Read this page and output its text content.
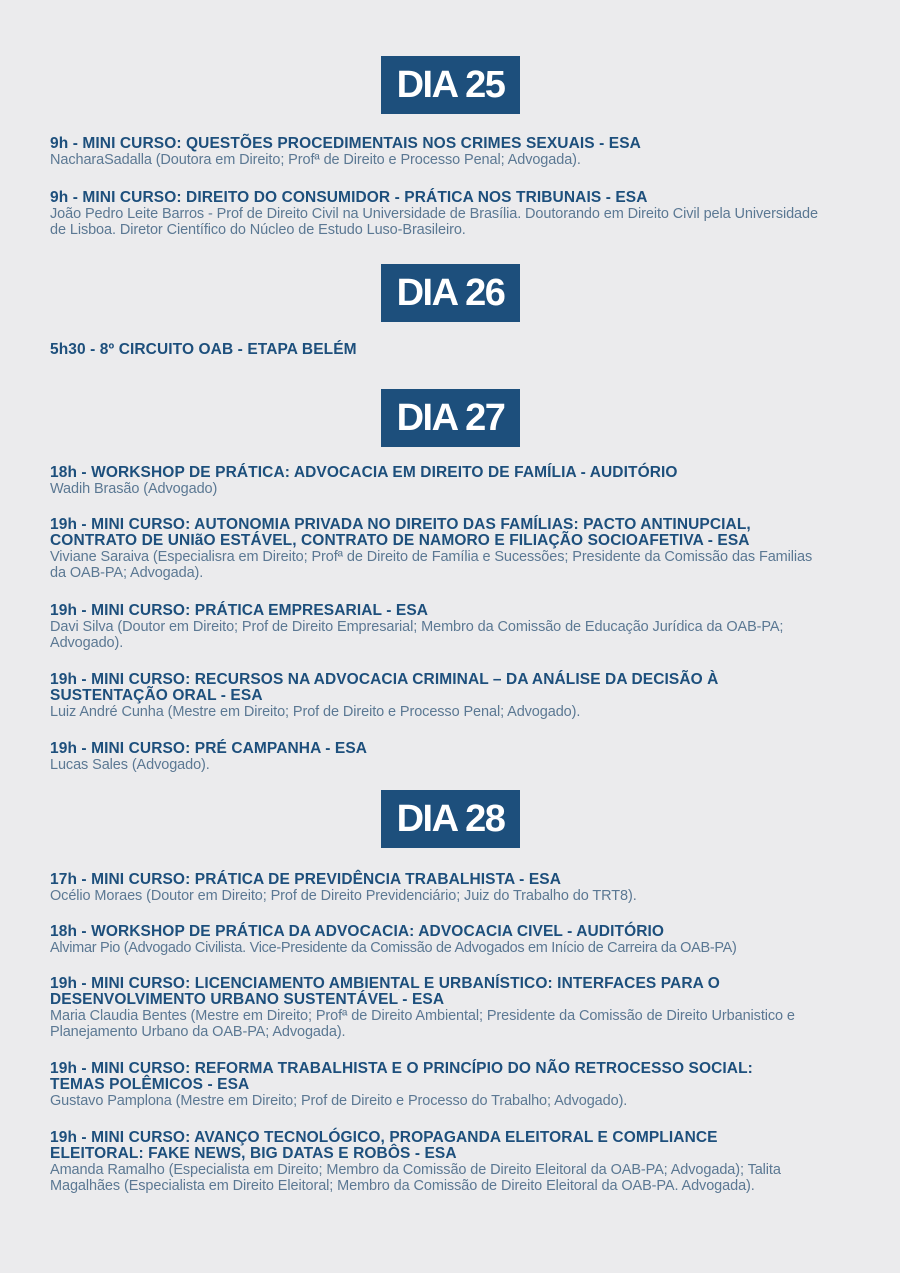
DIA 25
9h - MINI CURSO: QUESTÕES PROCEDIMENTAIS NOS CRIMES SEXUAIS - ESA
NacharaSadalla (Doutora em Direito; Profª de Direito e Processo Penal; Advogada).
9h - MINI CURSO: DIREITO DO CONSUMIDOR - PRÁTICA NOS TRIBUNAIS - ESA
João Pedro Leite Barros - Prof de Direito Civil na Universidade de Brasília. Doutorando em Direito Civil pela Universidade de Lisboa. Diretor Científico do Núcleo de Estudo Luso-Brasileiro.
DIA 26
5h30 - 8º CIRCUITO OAB - ETAPA BELÉM
DIA 27
18h - WORKSHOP DE PRÁTICA: ADVOCACIA EM DIREITO DE FAMÍLIA - AUDITÓRIO
Wadih Brasão (Advogado)
19h - MINI CURSO: AUTONOMIA PRIVADA NO DIREITO DAS FAMÍLIAS: PACTO ANTINUPCIAL, CONTRATO DE UNIãO ESTÁVEL, CONTRATO DE NAMORO E FILIAÇÃO SOCIOAFETIVA - ESA
Viviane Saraiva (Especialisra em Direito; Profª de Direito de Família e Sucessões; Presidente da Comissão das Familias da OAB-PA; Advogada).
19h - MINI CURSO: PRÁTICA EMPRESARIAL - ESA
Davi Silva (Doutor em Direito; Prof de Direito Empresarial; Membro da Comissão de Educação Jurídica da OAB-PA; Advogado).
19h - MINI CURSO: RECURSOS NA ADVOCACIA CRIMINAL – DA ANÁLISE DA DECISÃO À SUSTENTAÇÃO ORAL - ESA
Luiz André Cunha (Mestre em Direito; Prof de Direito e Processo Penal; Advogado).
19h - MINI CURSO: PRÉ CAMPANHA - ESA
Lucas Sales (Advogado).
DIA 28
17h - MINI CURSO: PRÁTICA DE PREVIDÊNCIA TRABALHISTA - ESA
Océlio Moraes (Doutor em Direito; Prof de Direito Previdenciário; Juiz do Trabalho do TRT8).
18h - WORKSHOP DE PRÁTICA DA ADVOCACIA: ADVOCACIA CIVEL - AUDITÓRIO
Alvimar Pio (Advogado Civilista. Vice-Presidente da Comissão de Advogados em Início de Carreira da OAB-PA)
19h - MINI CURSO: LICENCIAMENTO AMBIENTAL E URBANÍSTICO: INTERFACES PARA O DESENVOLVIMENTO URBANO SUSTENTÁVEL - ESA
Maria Claudia Bentes (Mestre em Direito; Profª de Direito Ambiental; Presidente da Comissão de Direito Urbanistico e Planejamento Urbano da OAB-PA; Advogada).
19h - MINI CURSO: REFORMA TRABALHISTA E O PRINCÍPIO DO NÃO RETROCESSO SOCIAL: TEMAS POLÊMICOS - ESA
Gustavo Pamplona (Mestre em Direito; Prof de Direito e Processo do Trabalho; Advogado).
19h - MINI CURSO: AVANÇO TECNOLÓGICO, PROPAGANDA ELEITORAL E COMPLIANCE ELEITORAL: FAKE NEWS, BIG DATAS E ROBÔS - ESA
Amanda Ramalho (Especialista em Direito; Membro da Comissão de Direito Eleitoral da OAB-PA; Advogada); Talita Magalhães (Especialista em Direito Eleitoral; Membro da Comissão de Direito Eleitoral da OAB-PA. Advogada).
